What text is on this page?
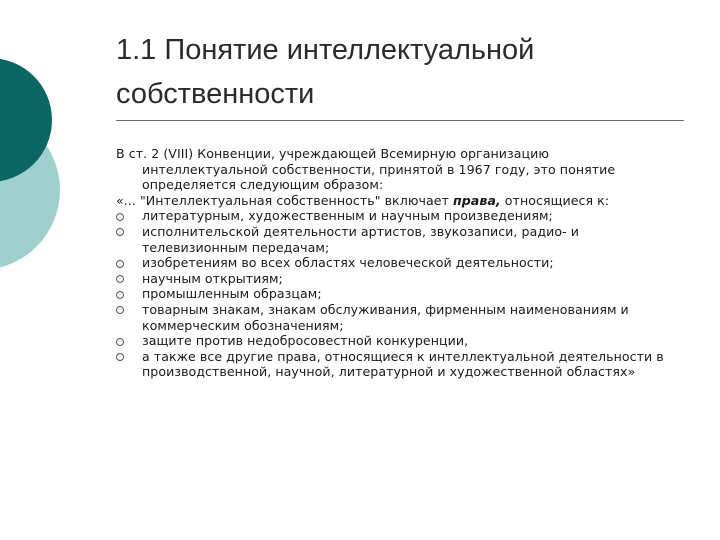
1.1 Понятие интеллектуальной собственности

В ст. 2 (VIII) Конвенции, учреждающей Всемирную организацию интеллектуальной собственности, принятой в 1967 году, это понятие определяется следующим образом:

«... "Интеллектуальная собственность" включает права, относящиеся к:

литературным, художественным и научным произведениям;
исполнительской деятельности артистов, звукозаписи, радио- и телевизионным передачам;
изобретениям во всех областях человеческой деятельности;
научным открытиям;
промышленным образцам;
товарным знакам, знакам обслуживания, фирменным наименованиям и коммерческим обозначениям;
защите против недобросовестной конкуренции,
а также все другие права, относящиеся к интеллектуальной деятельности в производственной, научной, литературной и художественной областях»
